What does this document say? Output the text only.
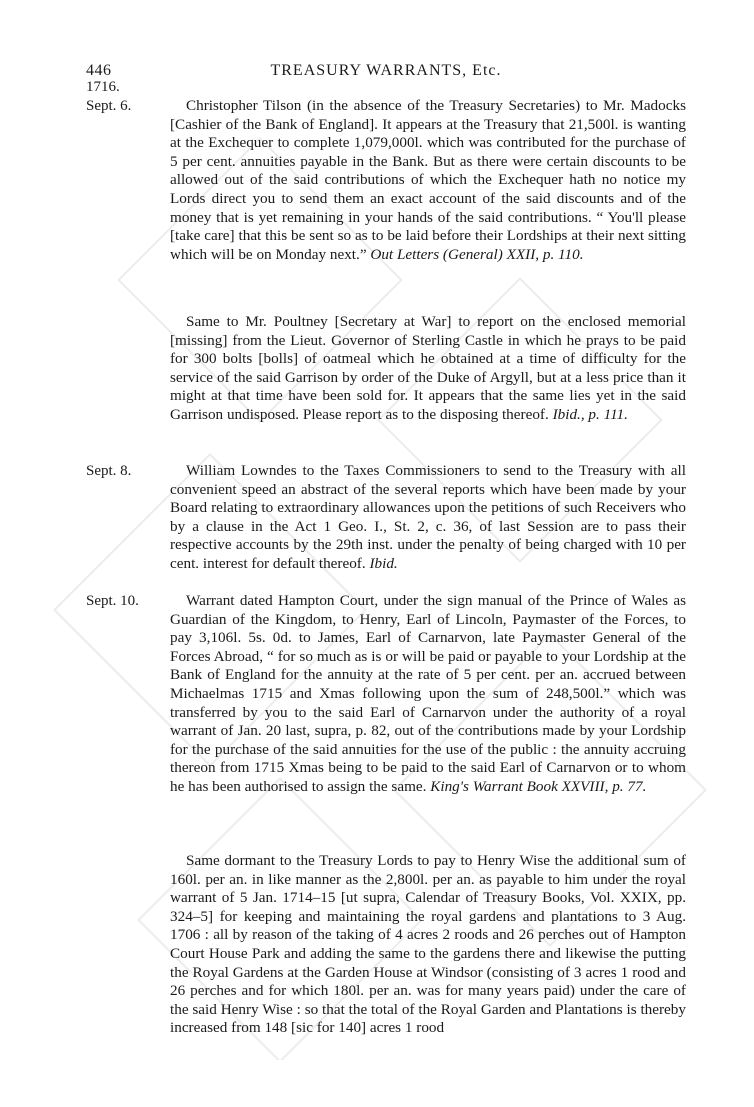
446	TREASURY WARRANTS, Etc.
1716.
Sept. 6.	Christopher Tilson (in the absence of the Treasury Secretaries) to Mr. Madocks [Cashier of the Bank of England]. It appears at the Treasury that 21,500l. is wanting at the Exchequer to complete 1,079,000l. which was contributed for the purchase of 5 per cent. annuities payable in the Bank. But as there were certain discounts to be allowed out of the said contributions of which the Exchequer hath no notice my Lords direct you to send them an exact account of the said discounts and of the money that is yet remaining in your hands of the said contributions. “ You'll please [take care] that this be sent so as to be laid before their Lordships at their next sitting which will be on Monday next.” Out Letters (General) XXII, p. 110.
Same to Mr. Poultney [Secretary at War] to report on the enclosed memorial [missing] from the Lieut. Governor of Sterling Castle in which he prays to be paid for 300 bolts [bolls] of oatmeal which he obtained at a time of difficulty for the service of the said Garrison by order of the Duke of Argyll, but at a less price than it might at that time have been sold for. It appears that the same lies yet in the said Garrison undisposed. Please report as to the disposing thereof. Ibid., p. 111.
Sept. 8.	William Lowndes to the Taxes Commissioners to send to the Treasury with all convenient speed an abstract of the several reports which have been made by your Board relating to extraordinary allowances upon the petitions of such Receivers who by a clause in the Act 1 Geo. I., St. 2, c. 36, of last Session are to pass their respective accounts by the 29th inst. under the penalty of being charged with 10 per cent. interest for default thereof. Ibid.
Sept. 10.	Warrant dated Hampton Court, under the sign manual of the Prince of Wales as Guardian of the Kingdom, to Henry, Earl of Lincoln, Paymaster of the Forces, to pay 3,106l. 5s. 0d. to James, Earl of Carnarvon, late Paymaster General of the Forces Abroad, “ for so much as is or will be paid or payable to your Lordship at the Bank of England for the annuity at the rate of 5 per cent. per an. accrued between Michaelmas 1715 and Xmas following upon the sum of 248,500l.” which was transferred by you to the said Earl of Carnarvon under the authority of a royal warrant of Jan. 20 last, supra, p. 82, out of the contributions made by your Lordship for the purchase of the said annuities for the use of the public : the annuity accruing thereon from 1715 Xmas being to be paid to the said Earl of Carnarvon or to whom he has been authorised to assign the same. King's Warrant Book XXVIII, p. 77.
Same dormant to the Treasury Lords to pay to Henry Wise the additional sum of 160l. per an. in like manner as the 2,800l. per an. as payable to him under the royal warrant of 5 Jan. 1714–15 [ut supra, Calendar of Treasury Books, Vol. XXIX, pp. 324–5] for keeping and maintaining the royal gardens and plantations to 3 Aug. 1706 : all by reason of the taking of 4 acres 2 roods and 26 perches out of Hampton Court House Park and adding the same to the gardens there and likewise the putting the Royal Gardens at the Garden House at Windsor (consisting of 3 acres 1 rood and 26 perches and for which 180l. per an. was for many years paid) under the care of the said Henry Wise : so that the total of the Royal Garden and Plantations is thereby increased from 148 [sic for 140] acres 1 rood
